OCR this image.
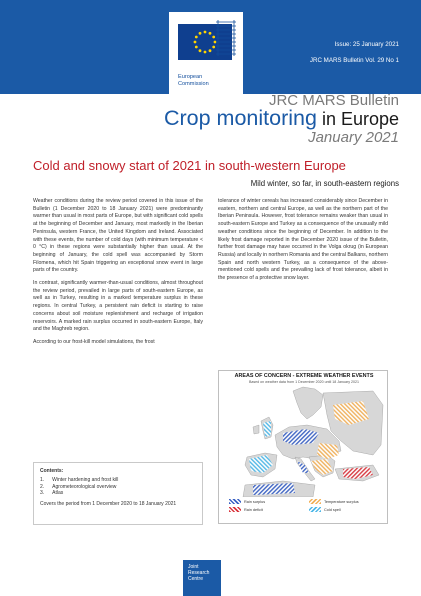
European
Commission
Issue: 25 January 2021
JRC MARS Bulletin Vol. 29 No 1
JRC MARS Bulletin
Crop monitoring in Europe
January 2021
Cold and snowy start of 2021 in south-western Europe
Mild winter, so far, in south-eastern regions

Weather conditions during the review period covered in this issue of the Bulletin (1 December 2020 to 18 January 2021) were predominantly warmer than usual in most parts of Europe, but with significant cold spells at the beginning of December and January, most markedly in the Iberian Peninsula, western France, the United Kingdom and Ireland. Associated with these events, the number of cold days (with minimum temperature < 0 °C) in these regions were substantially higher than usual. At the beginning of January, the cold spell was accompanied by Storm Filomena, which hit Spain triggering an exceptional snow event in large parts of the country.

In contrast, significantly warmer-than-usual conditions, almost throughout the review period, prevailed in large parts of south-eastern Europe, as well as in Turkey, resulting in a marked temperature surplus in these regions. In central Turkey, a persistent rain deficit is starting to raise concerns about soil moisture replenishment and recharge of irrigation reservoirs. A marked rain surplus occurred in south-eastern Europe, Italy and the Maghreb region.

According to our frost-kill model simulations, the frost

tolerance of winter cereals has increased considerably since December in eastern, northern and central Europe, as well as the northern part of the Iberian Peninsula. However, frost tolerance remains weaker than usual in south-eastern Europe and Turkey as a consequence of the unusually mild weather conditions since the beginning of December. In addition to the likely frost damage reported in the December 2020 issue of the Bulletin, further frost damage may have occurred in the Volga okrug (in European Russia) and locally in northern Romania and the central Balkans, northern Spain and north western Turkey, as a consequence of the above-mentioned cold spells and the prevailing lack of frost tolerance, albeit in the presence of a protective snow layer.

Contents:
1. Winter hardening and frost kill
2. Agrometeorological overview
3. Atlas
Covers the period from 1 December 2020 to 18 January 2021
AREAS OF CONCERN - EXTREME WEATHER EVENTS
Based on weather data from 1 December 2020 until 18 January 2021
Rain surplus	Temperature surplus
Rain deficit	Cold spell
Joint
Research
Centre
